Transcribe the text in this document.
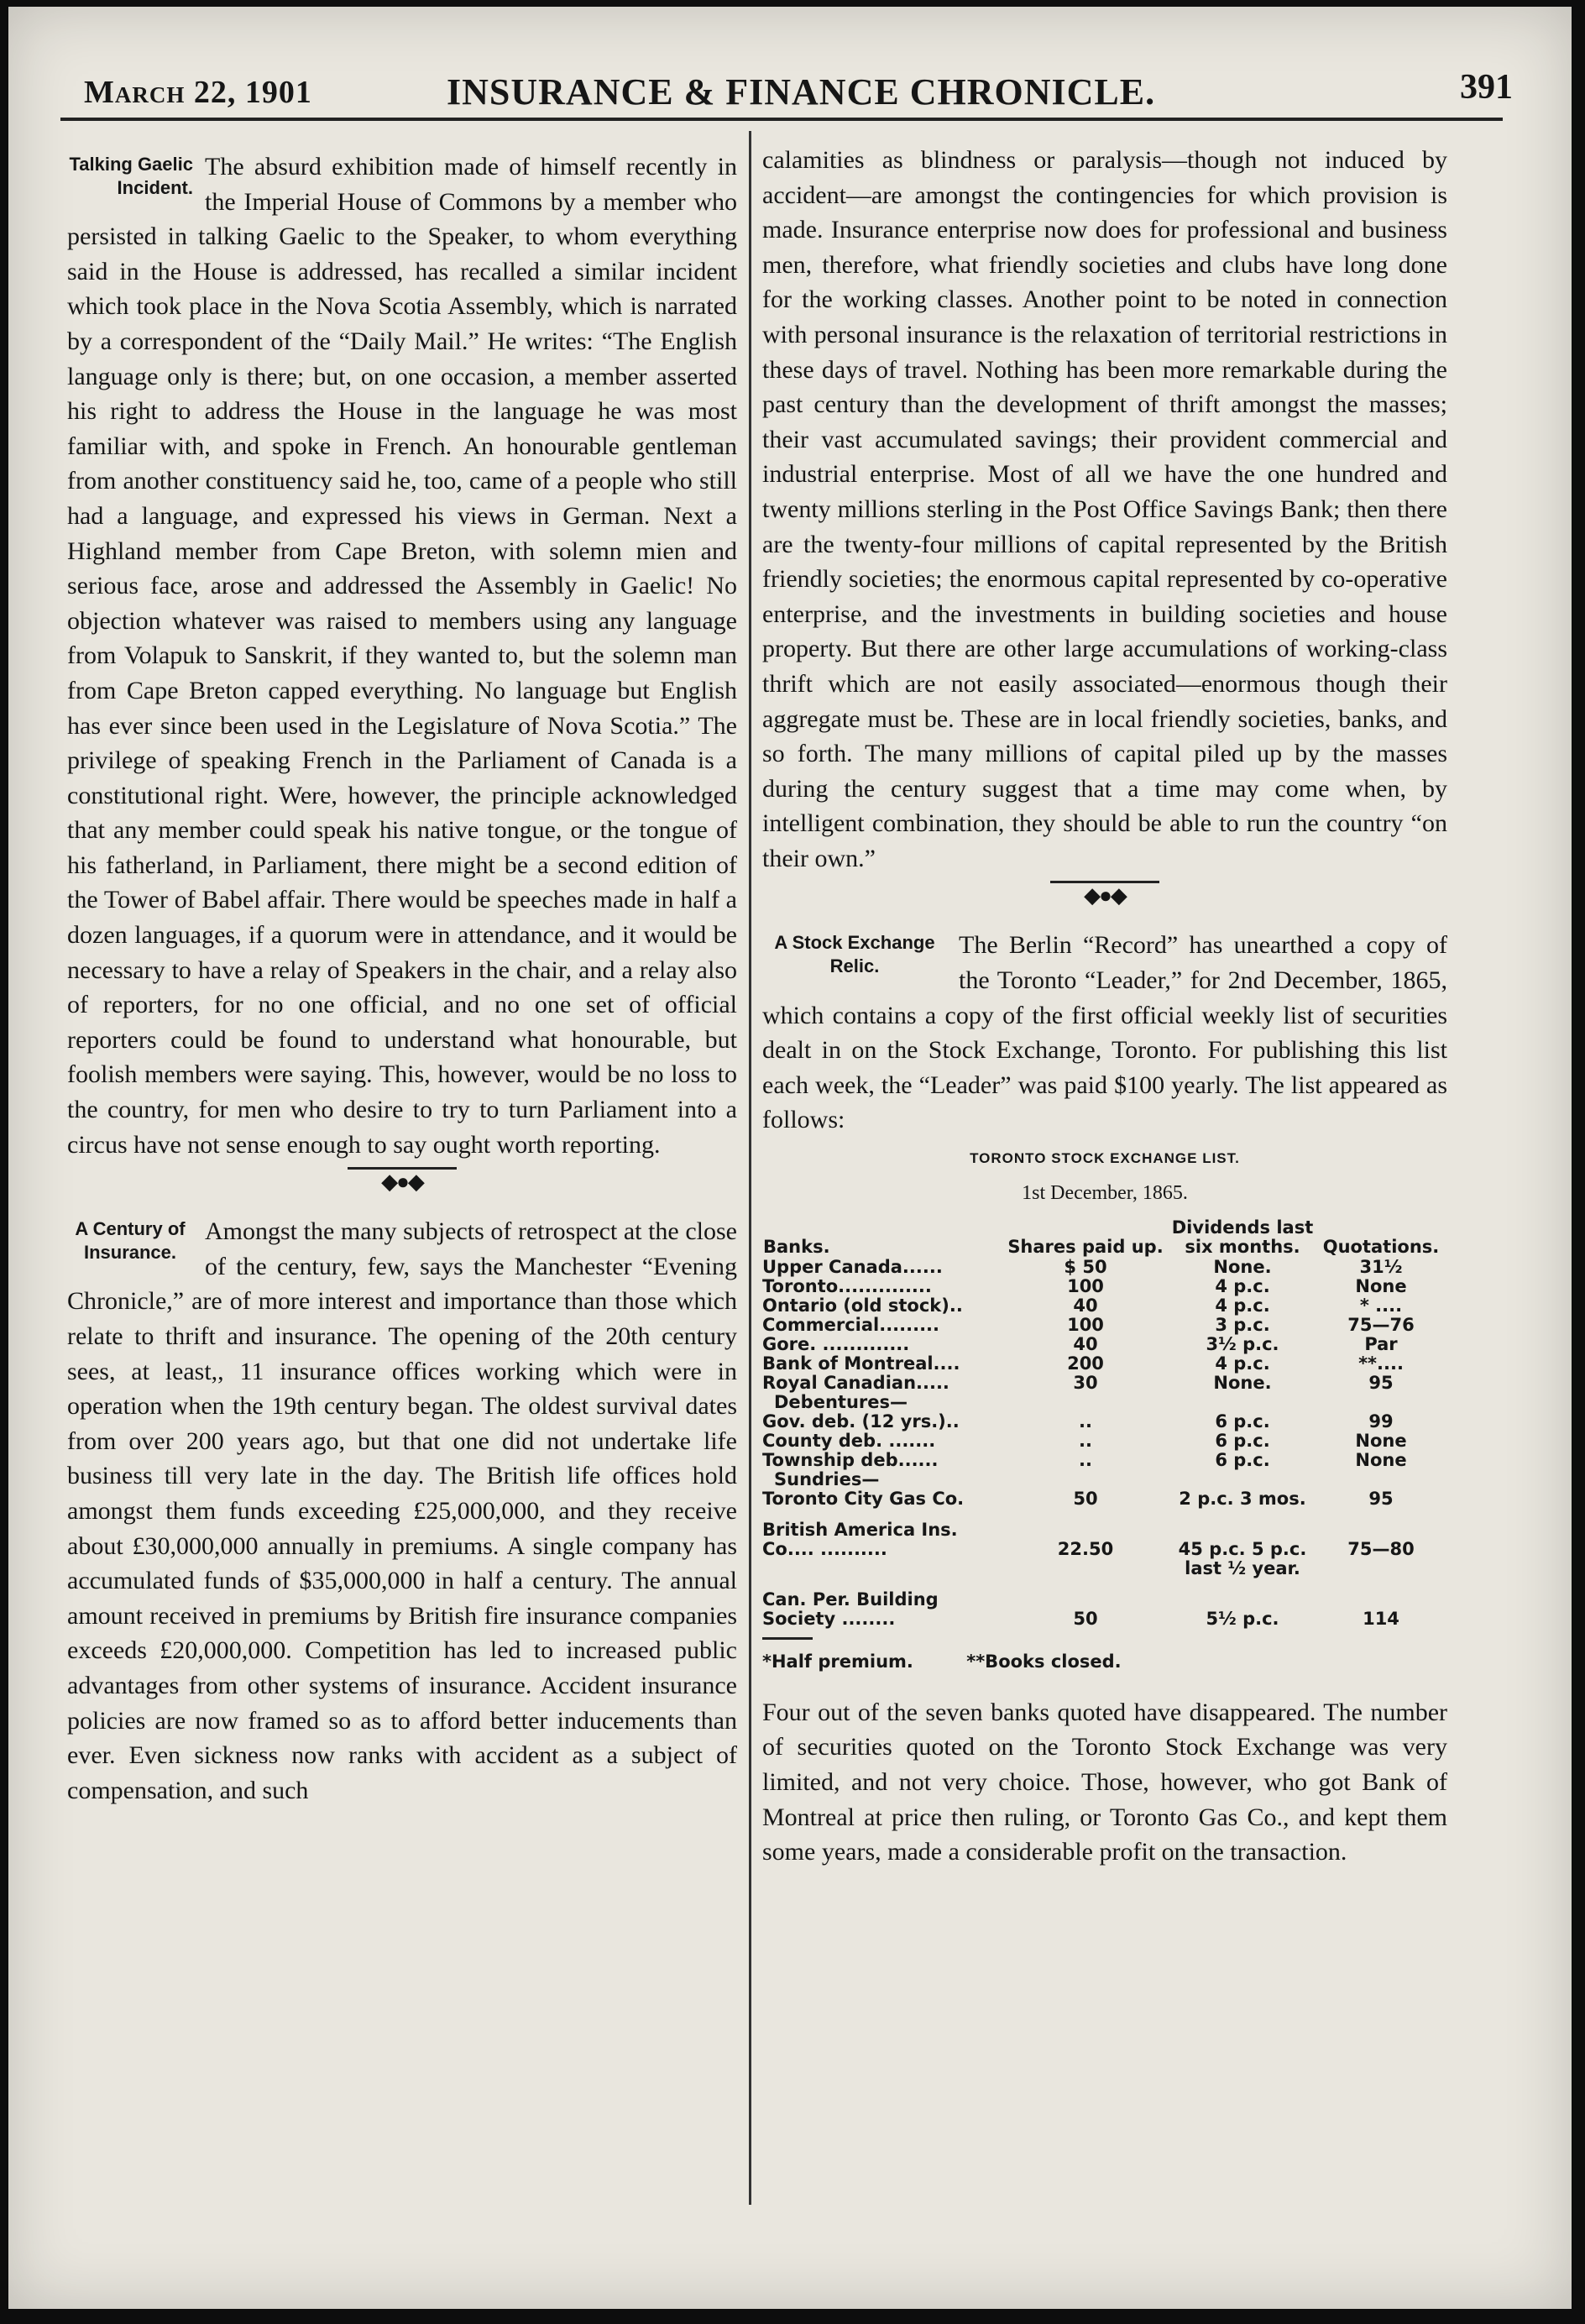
March 22, 1901	INSURANCE & FINANCE CHRONICLE.	391
Talking Gaelic Incident.

The absurd exhibition made of himself recently in the Imperial House of Commons by a member who persisted in talking Gaelic to the Speaker, to whom everything said in the House is addressed, has recalled a similar incident which took place in the Nova Scotia Assembly, which is narrated by a correspondent of the “Daily Mail.” He writes: “The English language only is there; but, on one occasion, a member asserted his right to address the House in the language he was most familiar with, and spoke in French. An honourable gentleman from another constituency said he, too, came of a people who still had a language, and expressed his views in German. Next a Highland member from Cape Breton, with solemn mien and serious face, arose and addressed the Assembly in Gaelic! No objection whatever was raised to members using any language from Volapuk to Sanskrit, if they wanted to, but the solemn man from Cape Breton capped everything. No language but English has ever since been used in the Legislature of Nova Scotia.” The privilege of speaking French in the Parliament of Canada is a constitutional right. Were, however, the principle acknowledged that any member could speak his native tongue, or the tongue of his fatherland, in Parliament, there might be a second edition of the Tower of Babel affair. There would be speeches made in half a dozen languages, if a quorum were in attendance, and it would be necessary to have a relay of Speakers in the chair, and a relay also of reporters, for no one official, and no one set of official reporters could be found to understand what honourable, but foolish members were saying. This, however, would be no loss to the country, for men who desire to try to turn Parliament into a circus have not sense enough to say ought worth reporting.

◆●◆
A Century of Insurance.

Amongst the many subjects of retrospect at the close of the century, few, says the Manchester “Evening Chronicle,” are of more interest and importance than those which relate to thrift and insurance. The opening of the 20th century sees, at least,, 11 insurance offices working which were in operation when the 19th century began. The oldest survival dates from over 200 years ago, but that one did not undertake life business till very late in the day. The British life offices hold amongst them funds exceeding £25,000,000, and they receive about £30,000,000 annually in premiums. A single company has accumulated funds of $35,000,000 in half a century. The annual amount received in premiums by British fire insurance companies exceeds £20,000,000. Competition has led to increased public advantages from other systems of insurance. Accident insurance policies are now framed so as to afford better inducements than ever. Even sickness now ranks with accident as a subject of compensation, and such

calamities as blindness or paralysis—though not induced by accident—are amongst the contingencies for which provision is made. Insurance enterprise now does for professional and business men, therefore, what friendly societies and clubs have long done for the working classes. Another point to be noted in connection with personal insurance is the relaxation of territorial restrictions in these days of travel. Nothing has been more remarkable during the past century than the development of thrift amongst the masses; their vast accumulated savings; their provident commercial and industrial enterprise. Most of all we have the one hundred and twenty millions sterling in the Post Office Savings Bank; then there are the twenty-four millions of capital represented by the British friendly societies; the enormous capital represented by co-operative enterprise, and the investments in building societies and house property. But there are other large accumulations of working-class thrift which are not easily associated—enormous though their aggregate must be. These are in local friendly societies, banks, and so forth. The many millions of capital piled up by the masses during the century suggest that a time may come when, by intelligent combination, they should be able to run the country “on their own.”

◆●◆
A Stock Exchange Relic.

The Berlin “Record” has unearthed a copy of the Toronto “Leader,” for 2nd December, 1865, which contains a copy of the first official weekly list of securities dealt in on the Stock Exchange, Toronto. For publishing this list each week, the “Leader” was paid $100 yearly. The list appeared as follows:

TORONTO STOCK EXCHANGE LIST.
1st December, 1865.
Banks.	Shares paid up.	Dividends last six months.	Quotations.
Upper Canada......	$ 50	None.	31½
Toronto..............	100	4 p.c.	None
Ontario (old stock)..	40	4 p.c.	* ....
Commercial.........	100	3 p.c.	75—76
Gore. .............	40	3½ p.c.	Par
Bank of Montreal....	200	4 p.c.	**....
Royal Canadian.....	30	None.	95
Debentures—			
Gov. deb. (12 yrs.)..	..	6 p.c.	99
County deb. .......	..	6 p.c.	None
Township deb......	..	6 p.c.	None
Sundries—			
Toronto City Gas Co.	50	2 p.c. 3 mos.	95
British America Ins. Co.... ..........	22.50	45 p.c. 5 p.c. last ½ year.	75—80
Can. Per. Building Society ........	50	5½ p.c.	114
*Half premium.	**Books closed.

Four out of the seven banks quoted have disappeared. The number of securities quoted on the Toronto Stock Exchange was very limited, and not very choice. Those, however, who got Bank of Montreal at price then ruling, or Toronto Gas Co., and kept them some years, made a considerable profit on the transaction.
